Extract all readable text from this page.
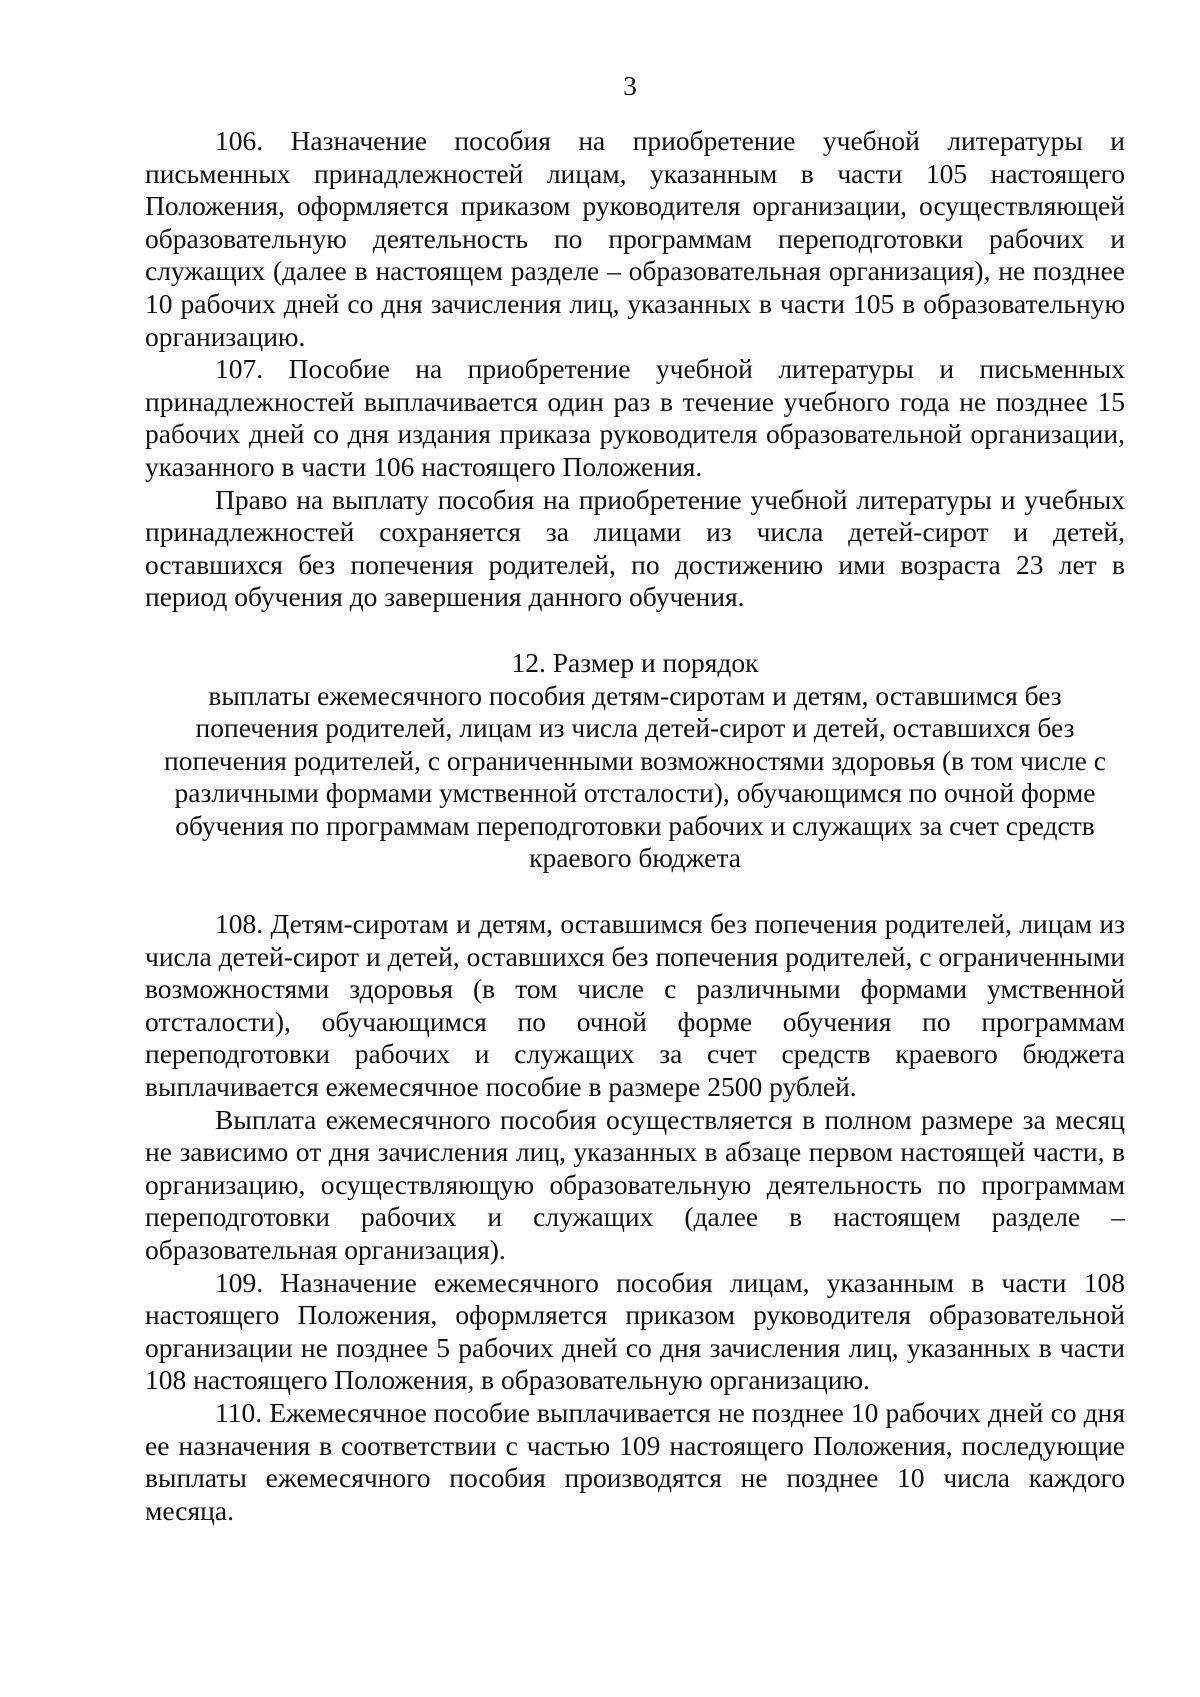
3

106. Назначение пособия на приобретение учебной литературы и письменных принадлежностей лицам, указанным в части 105 настоящего Положения, оформляется приказом руководителя организации, осуществляющей образовательную деятельность по программам переподготовки рабочих и служащих (далее в настоящем разделе – образовательная организация), не позднее 10 рабочих дней со дня зачисления лиц, указанных в части 105 в образовательную организацию.

107. Пособие на приобретение учебной литературы и письменных принадлежностей выплачивается один раз в течение учебного года не позднее 15 рабочих дней со дня издания приказа руководителя образовательной организации, указанного в части 106 настоящего Положения.

Право на выплату пособия на приобретение учебной литературы и учебных принадлежностей сохраняется за лицами из числа детей-сирот и детей, оставшихся без попечения родителей, по достижению ими возраста 23 лет в период обучения до завершения данного обучения.

12. Размер и порядок
выплаты ежемесячного пособия детям-сиротам и детям, оставшимся без
попечения родителей, лицам из числа детей-сирот и детей, оставшихся без
попечения родителей, с ограниченными возможностями здоровья (в том числе с
различными формами умственной отсталости), обучающимся по очной форме
обучения по программам переподготовки рабочих и служащих за счет средств
краевого бюджета

108. Детям-сиротам и детям, оставшимся без попечения родителей, лицам из числа детей-сирот и детей, оставшихся без попечения родителей, с ограниченными возможностями здоровья (в том числе с различными формами умственной отсталости), обучающимся по очной форме обучения по программам переподготовки рабочих и служащих за счет средств краевого бюджета выплачивается ежемесячное пособие в размере 2500 рублей.

Выплата ежемесячного пособия осуществляется в полном размере за месяц не зависимо от дня зачисления лиц, указанных в абзаце первом настоящей части, в организацию, осуществляющую образовательную деятельность по программам переподготовки рабочих и служащих (далее в настоящем разделе – образовательная организация).

109. Назначение ежемесячного пособия лицам, указанным в части 108 настоящего Положения, оформляется приказом руководителя образовательной организации не позднее 5 рабочих дней со дня зачисления лиц, указанных в части 108 настоящего Положения, в образовательную организацию.

110. Ежемесячное пособие выплачивается не позднее 10 рабочих дней со дня ее назначения в соответствии с частью 109 настоящего Положения, последующие выплаты ежемесячного пособия производятся не позднее 10 числа каждого месяца.
